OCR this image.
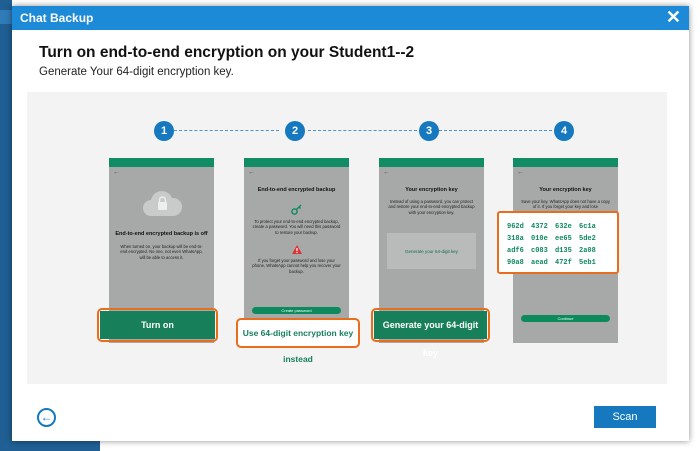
Chat Backup	✕
Turn on end-to-end encryption on your Student1--2
Generate Your 64-digit encryption key.
1	2	3	4
←
End-to-end encrypted backup is off
When turned on, your backup will be end-to-end encrypted. No one, not even WhatsApp, will be able to access it.
←
End-to-end encrypted backup
To protect your end-to-end encrypted backup, create a password. You will need this password to restore your backup.
If you forget your password and lose your phone, WhatsApp cannot help you recover your backup.
Create password
←
Your encryption key
Instead of using a password, you can protect and restore your end-to-end encrypted backup with your encryption key.
Generate your 64-digit key
←
Your encryption key
Save your key. WhatsApp does not have a copy of it. If you forget your key and lose
Continue
Turn on
Use 64-digit encryption key instead
Generate your 64-digit key
962d 4372 632e 6c1a
318a 010e ee65 5de2
adf6 c083 d135 2a08
90a8 aead 472f 5eb1
←	Scan
